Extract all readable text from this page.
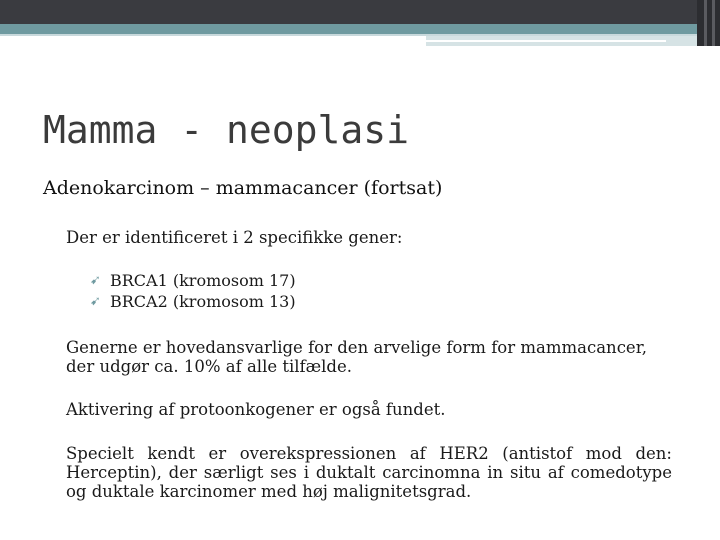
Mamma - neoplasi
Adenokarcinom – mammacancer (fortsat)
Der er identificeret i 2 specifikke gener:
➹ BRCA1 (kromosom 17)
➹ BRCA2 (kromosom 13)
Generne er hovedansvarlige for den arvelige form for mammacancer, der udgør ca. 10% af alle tilfælde.
Aktivering af protoonkogener er også fundet.
Specielt kendt er overekspressionen af HER2 (antistof mod den: Herceptin), der særligt ses i duktalt carcinomna in situ af comedotype og duktale karcinomer med høj malignitetsgrad.
